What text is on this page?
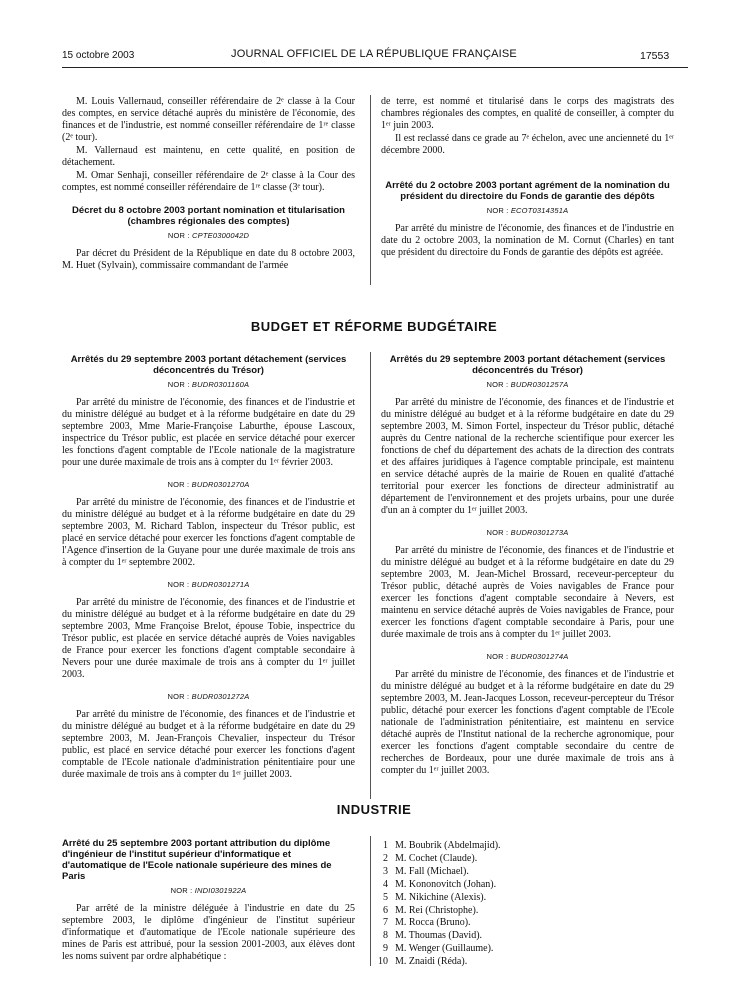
15 octobre 2003	JOURNAL OFFICIEL DE LA RÉPUBLIQUE FRANÇAISE	17553

M. Louis Vallernaud, conseiller référendaire de 2ᵉ classe à la Cour des comptes, en service détaché auprès du ministère de l'économie, des finances et de l'industrie, est nommé conseiller référendaire de 1ʳᵉ classe (2ᵉ tour).

M. Vallernaud est maintenu, en cette qualité, en position de détachement.

M. Omar Senhaji, conseiller référendaire de 2ᵉ classe à la Cour des comptes, est nommé conseiller référendaire de 1ʳᵉ classe (3ᵉ tour).

Décret du 8 octobre 2003 portant nomination et titularisation (chambres régionales des comptes)

NOR : CPTE0300042D

Par décret du Président de la République en date du 8 octobre 2003, M. Huet (Sylvain), commissaire commandant de l'armée

de terre, est nommé et titularisé dans le corps des magistrats des chambres régionales des comptes, en qualité de conseiller, à compter du 1ᵉʳ juin 2003.

Il est reclassé dans ce grade au 7ᵉ échelon, avec une ancienneté du 1ᵉʳ décembre 2000.

Arrêté du 2 octobre 2003 portant agrément de la nomination du président du directoire du Fonds de garantie des dépôts

NOR : ECOT0314351A

Par arrêté du ministre de l'économie, des finances et de l'industrie en date du 2 octobre 2003, la nomination de M. Cornut (Charles) en tant que président du directoire du Fonds de garantie des dépôts est agréée.

BUDGET ET RÉFORME BUDGÉTAIRE

Arrêtés du 29 septembre 2003 portant détachement (services déconcentrés du Trésor)

NOR : BUDR0301160A

Par arrêté du ministre de l'économie, des finances et de l'industrie et du ministre délégué au budget et à la réforme budgétaire en date du 29 septembre 2003, Mme Marie-Françoise Laburthe, épouse Lascoux, inspectrice du Trésor public, est placée en service détaché pour exercer les fonctions d'agent comptable de l'Ecole nationale de la magistrature pour une durée maximale de trois ans à compter du 1ᵉʳ février 2003.

NOR : BUDR0301270A

Par arrêté du ministre de l'économie, des finances et de l'industrie et du ministre délégué au budget et à la réforme budgétaire en date du 29 septembre 2003, M. Richard Tablon, inspecteur du Trésor public, est placé en service détaché pour exercer les fonctions d'agent comptable de l'Agence d'insertion de la Guyane pour une durée maximale de trois ans à compter du 1ᵉʳ septembre 2002.

NOR : BUDR0301271A

Par arrêté du ministre de l'économie, des finances et de l'industrie et du ministre délégué au budget et à la réforme budgétaire en date du 29 septembre 2003, Mme Françoise Brelot, épouse Tobie, inspectrice du Trésor public, est placée en service détaché auprès de Voies navigables de France pour exercer les fonctions d'agent comptable secondaire à Nevers pour une durée maximale de trois ans à compter du 1ᵉʳ juillet 2003.

NOR : BUDR0301272A

Par arrêté du ministre de l'économie, des finances et de l'industrie et du ministre délégué au budget et à la réforme budgétaire en date du 29 septembre 2003, M. Jean-François Chevalier, inspecteur du Trésor public, est placé en service détaché pour exercer les fonctions d'agent comptable de l'Ecole nationale d'administration pénitentiaire pour une durée maximale de trois ans à compter du 1ᵉʳ juillet 2003.

Arrêtés du 29 septembre 2003 portant détachement (services déconcentrés du Trésor)

NOR : BUDR0301257A

Par arrêté du ministre de l'économie, des finances et de l'industrie et du ministre délégué au budget et à la réforme budgétaire en date du 29 septembre 2003, M. Simon Fortel, inspecteur du Trésor public, détaché auprès du Centre national de la recherche scientifique pour exercer les fonctions de chef du département des achats de la direction des contrats et des affaires juridiques à l'agence comptable principale, est maintenu en service détaché auprès de la mairie de Rouen en qualité d'attaché territorial pour exercer les fonctions de directeur administratif au département de l'environnement et des projets urbains, pour une durée d'un an à compter du 1ᵉʳ juillet 2003.

NOR : BUDR0301273A

Par arrêté du ministre de l'économie, des finances et de l'industrie et du ministre délégué au budget et à la réforme budgétaire en date du 29 septembre 2003, M. Jean-Michel Brossard, receveur-percepteur du Trésor public, détaché auprès de Voies navigables de France pour exercer les fonctions d'agent comptable secondaire à Nevers, est maintenu en service détaché auprès de Voies navigables de France, pour exercer les fonctions d'agent comptable secondaire à Paris, pour une durée maximale de trois ans à compter du 1ᵉʳ juillet 2003.

NOR : BUDR0301274A

Par arrêté du ministre de l'économie, des finances et de l'industrie et du ministre délégué au budget et à la réforme budgétaire en date du 29 septembre 2003, M. Jean-Jacques Losson, receveur-percepteur du Trésor public, détaché pour exercer les fonctions d'agent comptable de l'Ecole nationale de l'administration pénitentiaire, est maintenu en service détaché auprès de l'Institut national de la recherche agronomique, pour exercer les fonctions d'agent comptable secondaire du centre de recherches de Bordeaux, pour une durée maximale de trois ans à compter du 1ᵉʳ juillet 2003.

INDUSTRIE

Arrêté du 25 septembre 2003 portant attribution du diplôme d'ingénieur de l'institut supérieur d'informatique et d'automatique de l'Ecole nationale supérieure des mines de Paris

NOR : INDI0301922A

Par arrêté de la ministre déléguée à l'industrie en date du 25 septembre 2003, le diplôme d'ingénieur de l'institut supérieur d'informatique et d'automatique de l'Ecole nationale supérieure des mines de Paris est attribué, pour la session 2001-2003, aux élèves dont les noms suivent par ordre alphabétique :

1 M. Boubrik (Abdelmajid).
2 M. Cochet (Claude).
3 M. Fall (Michael).
4 M. Kononovitch (Johan).
5 M. Nikichine (Alexis).
6 M. Rei (Christophe).
7 M. Rocca (Bruno).
8 M. Thoumas (David).
9 M. Wenger (Guillaume).
10 M. Znaidi (Réda).
